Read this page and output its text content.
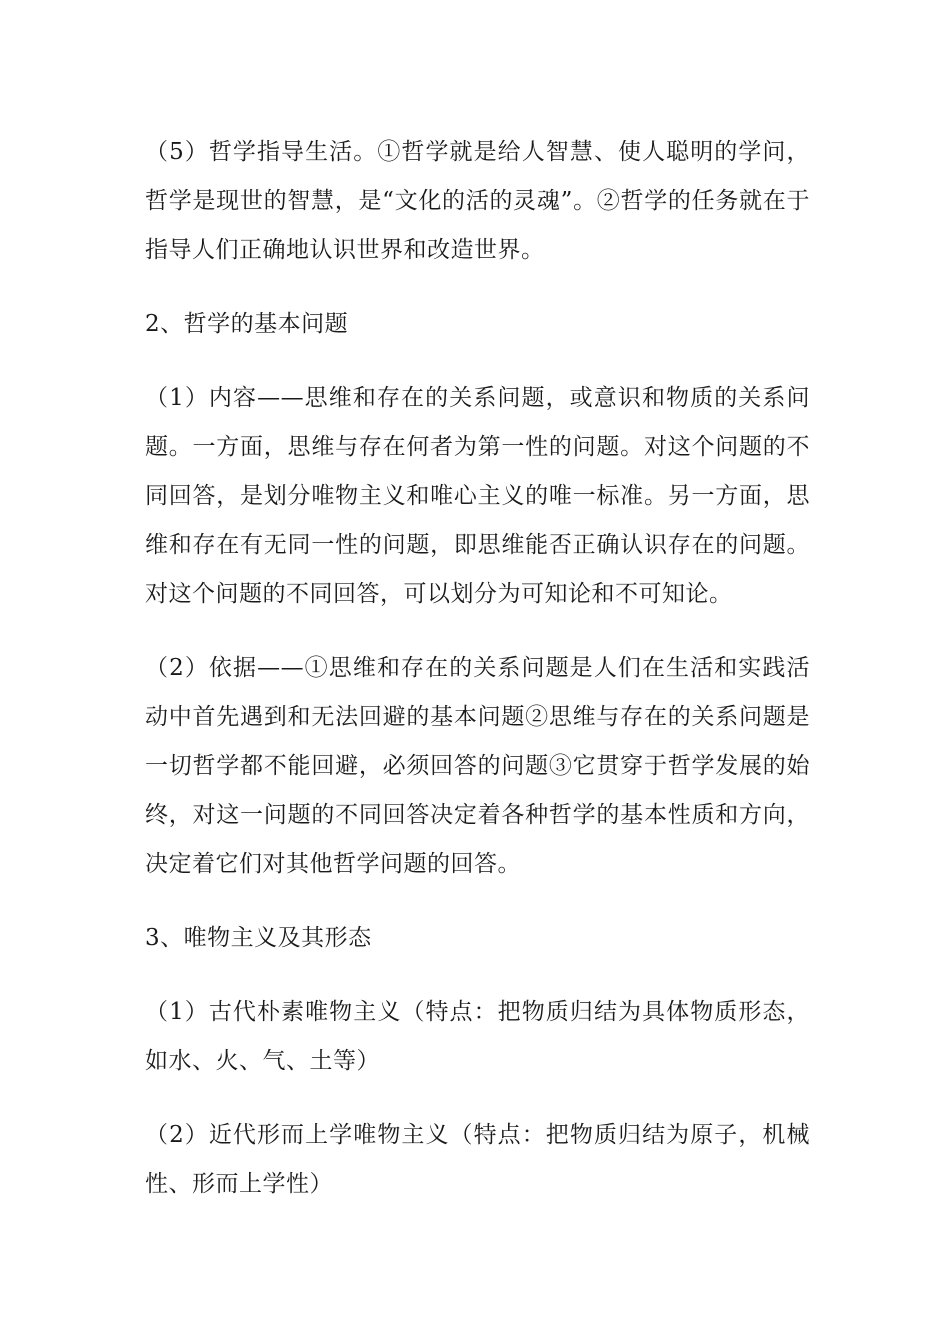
（5）哲学指导生活。①哲学就是给人智慧、使人聪明的学问，哲学是现世的智慧，是“文化的活的灵魂”。②哲学的任务就在于指导人们正确地认识世界和改造世界。

2、哲学的基本问题

（1）内容——思维和存在的关系问题，或意识和物质的关系问题。一方面，思维与存在何者为第一性的问题。对这个问题的不同回答，是划分唯物主义和唯心主义的唯一标准。另一方面，思维和存在有无同一性的问题，即思维能否正确认识存在的问题。对这个问题的不同回答，可以划分为可知论和不可知论。

（2）依据——①思维和存在的关系问题是人们在生活和实践活动中首先遇到和无法回避的基本问题②思维与存在的关系问题是一切哲学都不能回避，必须回答的问题③它贯穿于哲学发展的始终，对这一问题的不同回答决定着各种哲学的基本性质和方向，决定着它们对其他哲学问题的回答。

3、唯物主义及其形态

（1）古代朴素唯物主义（特点：把物质归结为具体物质形态，如水、火、气、土等）

（2）近代形而上学唯物主义（特点：把物质归结为原子，机械性、形而上学性）
